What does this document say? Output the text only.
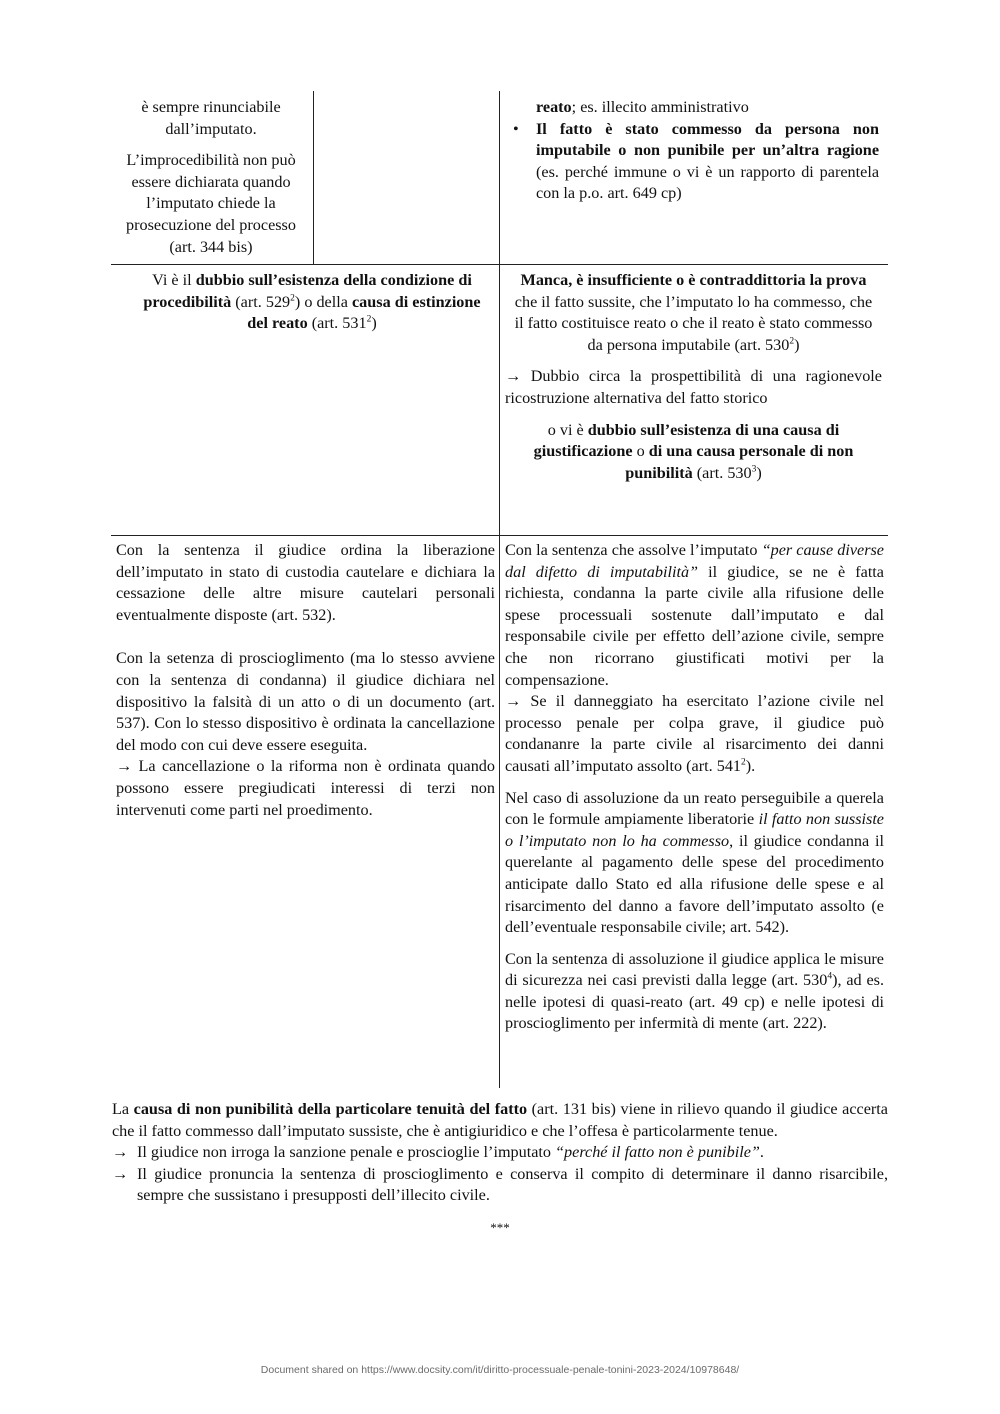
è sempre rinunciabile dall’imputato.

L’improcedibilità non può essere dichiarata quando l’imputato chiede la prosecuzione del processo (art. 344 bis)

reato; es. illecito amministrativo

• Il fatto è stato commesso da persona non imputabile o non punibile per un’altra ragione (es. perché immune o vi è un rapporto di parentela con la p.o. art. 649 cp)

Vi è il dubbio sull’esistenza della condizione di procedibilità (art. $529^2$) o della causa di estinzione del reato (art. $531^2$)

Manca, è insufficiente o è contraddittoria la prova che il fatto sussite, che l’imputato lo ha commesso, che il fatto costituisce reato o che il reato è stato commesso da persona imputabile (art. $530^2$)

→ Dubbio circa la prospettibilità di una ragionevole ricostruzione alternativa del fatto storico

o vi è dubbio sull’esistenza di una causa di giustificazione o di una causa personale di non punibilità (art. $530^3$)

Con la sentenza il giudice ordina la liberazione dell’imputato in stato di custodia cautelare e dichiara la cessazione delle altre misure cautelari personali eventualmente disposte (art. 532).

Con la setenza di proscioglimento (ma lo stesso avviene con la sentenza di condanna) il giudice dichiara nel dispositivo la falsità di un atto o di un documento (art. 537). Con lo stesso dispositivo è ordinata la cancellazione del modo con cui deve essere eseguita.

→ La cancellazione o la riforma non è ordinata quando possono essere pregiudicati interessi di terzi non intervenuti come parti nel proedimento.

Con la sentenza che assolve l’imputato “per cause diverse dal difetto di imputabilità” il giudice, se ne è fatta richiesta, condanna la parte civile alla rifusione delle spese processuali sostenute dall’imputato e dal responsabile civile per effetto dell’azione civile, sempre che non ricorrano giustificati motivi per la compensazione.

→ Se il danneggiato ha esercitato l’azione civile nel processo penale per colpa grave, il giudice può condananre la parte civile al risarcimento dei danni causati all’imputato assolto (art. $541^2$).

Nel caso di assoluzione da un reato perseguibile a querela con le formule ampiamente liberatorie il fatto non sussiste o l’imputato non lo ha commesso, il giudice condanna il querelante al pagamento delle spese del procedimento anticipate dallo Stato ed alla rifusione delle spese e al risarcimento del danno a favore dell’imputato assolto (e dell’eventuale responsabile civile; art. 542).

Con la sentenza di assoluzione il giudice applica le misure di sicurezza nei casi previsti dalla legge (art. $530^4$), ad es. nelle ipotesi di quasi-reato (art. 49 cp) e nelle ipotesi di proscioglimento per infermità di mente (art. 222).

La causa di non punibilità della particolare tenuità del fatto (art. 131 bis) viene in rilievo quando il giudice accerta che il fatto commesso dall’imputato sussiste, che è antigiuridico e che l’offesa è particolarmente tenue.

→ Il giudice non irroga la sanzione penale e proscioglie l’imputato “perché il fatto non è punibile”.

→ Il giudice pronuncia la sentenza di proscioglimento e conserva il compito di determinare il danno risarcibile, sempre che sussistano i presupposti dell’illecito civile.

***

Document shared on https://www.docsity.com/it/diritto-processuale-penale-tonini-2023-2024/10978648/
